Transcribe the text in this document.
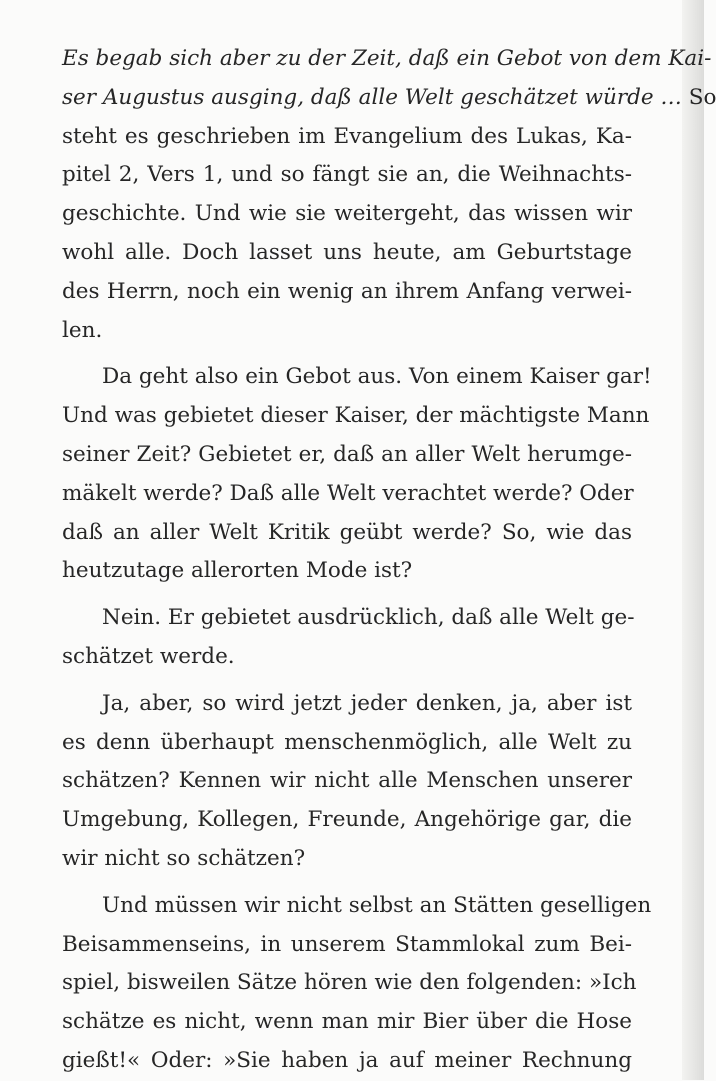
Es begab sich aber zu der Zeit, daß ein Gebot von dem Kai-
ser Augustus ausging, daß alle Welt geschätzet würde … So
steht es geschrieben im Evangelium des Lukas, Ka-
pitel 2, Vers 1, und so fängt sie an, die Weihnachts-
geschichte. Und wie sie weitergeht, das wissen wir
wohl alle. Doch lasset uns heute, am Geburtstage
des Herrn, noch ein wenig an ihrem Anfang verwei-
len.
Da geht also ein Gebot aus. Von einem Kaiser gar!
Und was gebietet dieser Kaiser, der mächtigste Mann
seiner Zeit? Gebietet er, daß an aller Welt herumge-
mäkelt werde? Daß alle Welt verachtet werde? Oder
daß an aller Welt Kritik geübt werde? So, wie das
heutzutage allerorten Mode ist?
Nein. Er gebietet ausdrücklich, daß alle Welt ge-
schätzet werde.
Ja, aber, so wird jetzt jeder denken, ja, aber ist
es denn überhaupt menschenmöglich, alle Welt zu
schätzen? Kennen wir nicht alle Menschen unserer
Umgebung, Kollegen, Freunde, Angehörige gar, die
wir nicht so schätzen?
Und müssen wir nicht selbst an Stätten geselligen
Beisammenseins, in unserem Stammlokal zum Bei-
spiel, bisweilen Sätze hören wie den folgenden: »Ich
schätze es nicht, wenn man mir Bier über die Hose
gießt!« Oder: »Sie haben ja auf meiner Rechnung
